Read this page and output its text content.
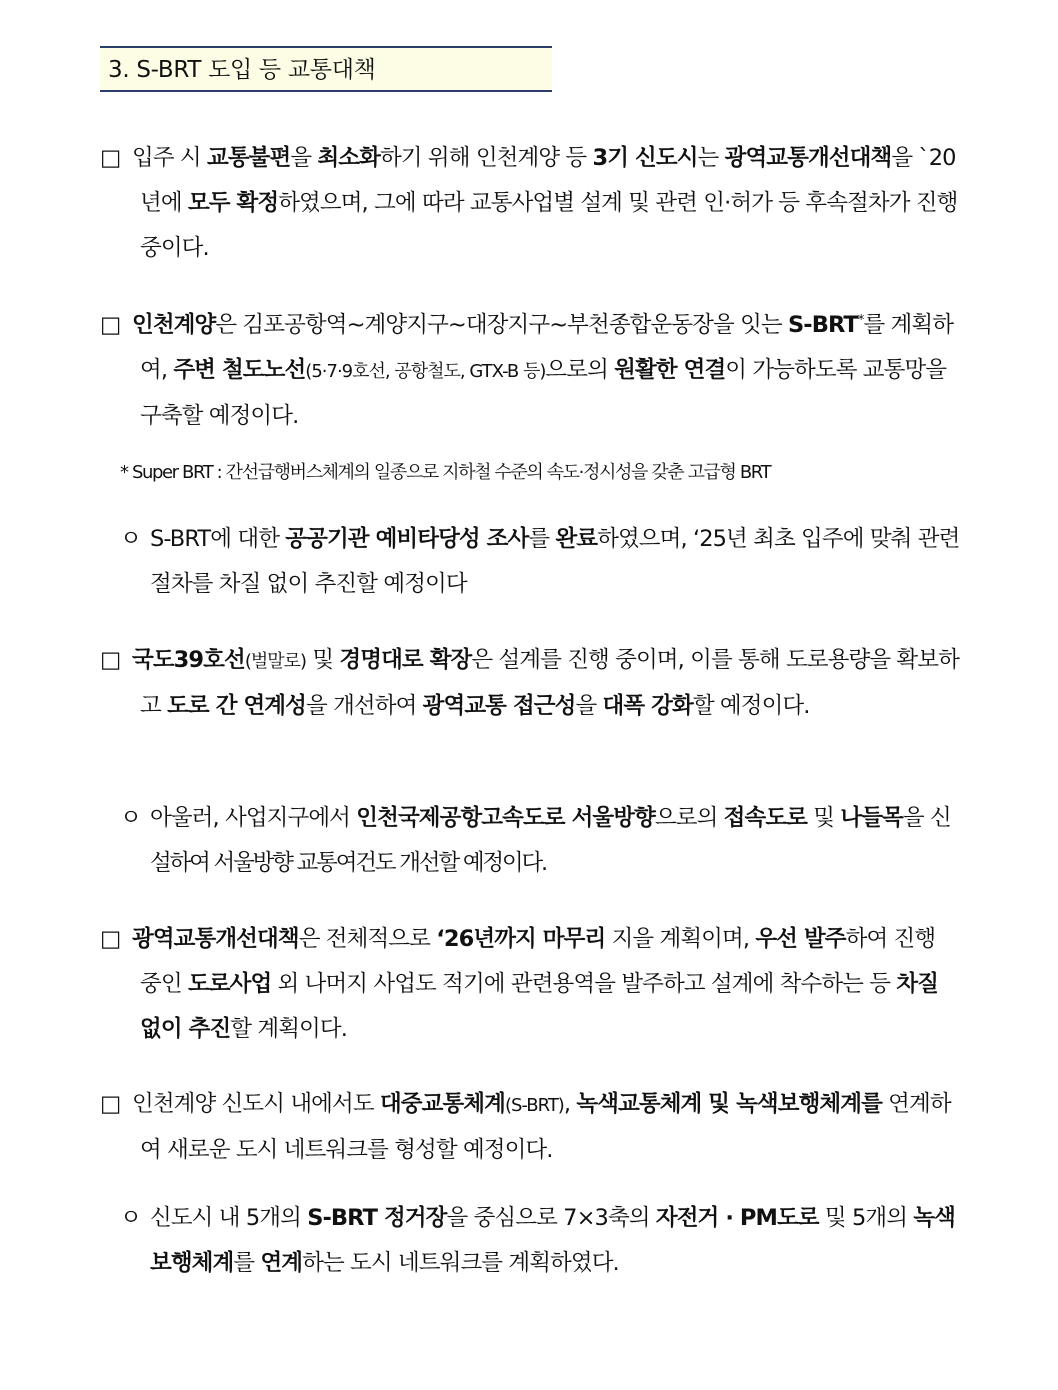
3. S-BRT 도입 등 교통대책
□ 입주 시 교통불편을 최소화하기 위해 인천계양 등 3기 신도시는 광역교통개선대책을 `20년에 모두 확정하였으며, 그에 따라 교통사업별 설계 및 관련 인·허가 등 후속절차가 진행 중이다.
□ 인천계양은 김포공항역~계양지구~대장지구~부천종합운동장을 잇는 S-BRT*를 계획하여, 주변 철도노선(5·7·9호선, 공항철도, GTX-B 등)으로의 원활한 연결이 가능하도록 교통망을 구축할 예정이다.
* Super BRT : 간선급행버스체계의 일종으로 지하철 수준의 속도·정시성을 갖춘 고급형 BRT
ㅇ S-BRT에 대한 공공기관 예비타당성 조사를 완료하였으며, ‘25년 최초 입주에 맞춰 관련 절차를 차질 없이 추진할 예정이다
□ 국도39호선(벌말로) 및 경명대로 확장은 설계를 진행 중이며, 이를 통해 도로용량을 확보하고 도로 간 연계성을 개선하여 광역교통 접근성을 대폭 강화할 예정이다.
ㅇ 아울러, 사업지구에서 인천국제공항고속도로 서울방향으로의 접속도로 및 나들목을 신설하여 서울방향 교통여건도 개선할 예정이다.
□ 광역교통개선대책은 전체적으로 ‘26년까지 마무리 지을 계획이며, 우선 발주하여 진행 중인 도로사업 외 나머지 사업도 적기에 관련용역을 발주하고 설계에 착수하는 등 차질 없이 추진할 계획이다.
□ 인천계양 신도시 내에서도 대중교통체계(S-BRT), 녹색교통체계 및 녹색보행체계를 연계하여 새로운 도시 네트워크를 형성할 예정이다.
ㅇ 신도시 내 5개의 S-BRT 정거장을 중심으로 7×3축의 자전거 · PM도로 및 5개의 녹색보행체계를 연계하는 도시 네트워크를 계획하였다.
